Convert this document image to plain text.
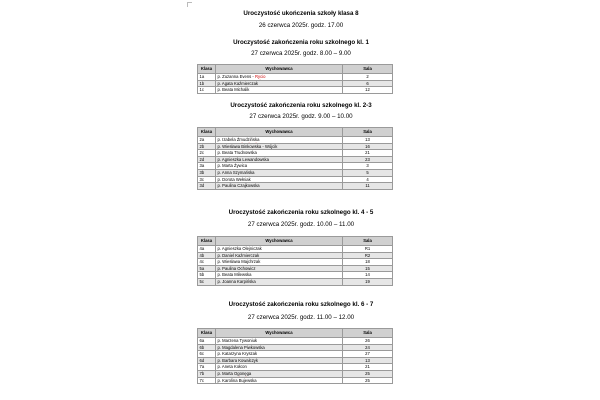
Uroczystość ukończenia szkoły klasa 8
26 czerwca 2025r. godz. 17.00
Uroczystość zakończenia roku szkolnego kl. 1
27 czerwca 2025r. godz. 8.00 – 9.00
Klasa	Wychowawca	Sala
1a	p. Zuzanna Evens - Rycio	2
1b	p. Agata Kaźmierczak	6
1c	p. Beata Michalik	12
Uroczystość zakończenia roku szkolnego kl. 2-3
27 czerwca 2025r. godz. 9.00 – 10.00
Klasa	Wychowawca	Sala
2a	p. Izabela Żmudzińska	13
2b	p. Wiesława Binkowska - Wójcik	16
2c	p. Beata Trudnowska	21
2d	p. Agnieszka Lewandowska	23
3a	p. Marta Żywica	3
3b	p. Anna Szymańska	5
3c	p. Dorota Wełniak	4
3d	p. Paulina Czajkowska	11
Uroczystość zakończenia roku szkolnego kl. 4 - 5
27 czerwca 2025r. godz. 10.00 – 11.00
Klasa	Wychowawca	Sala
4a	p. Agnieszka Olejniczak	R1
4b	p. Daniel Kaźmierczak	R2
4c	p. Wiesława Majchrzak	18
5a	p. Paulina Ochowicz	15
5b	p. Beata Milewska	14
5c	p. Joanna Karpińska	19
Uroczystość zakończenia roku szkolnego kl. 6 - 7
27 czerwca 2025r. godz. 11.00 – 12.00
Klasa	Wychowawca	Sala
6a	p. Marzena Tywoniuk	26
6b	p. Magdalena Piwkowska	24
6c	p. Katarzyna Kryszak	27
6d	p. Barbara Kowalczyk	13
7a	p. Aneta Kołcon	21
7b	p. Marta Ogonęga	25
7c	p. Karolina Bujewska	25
